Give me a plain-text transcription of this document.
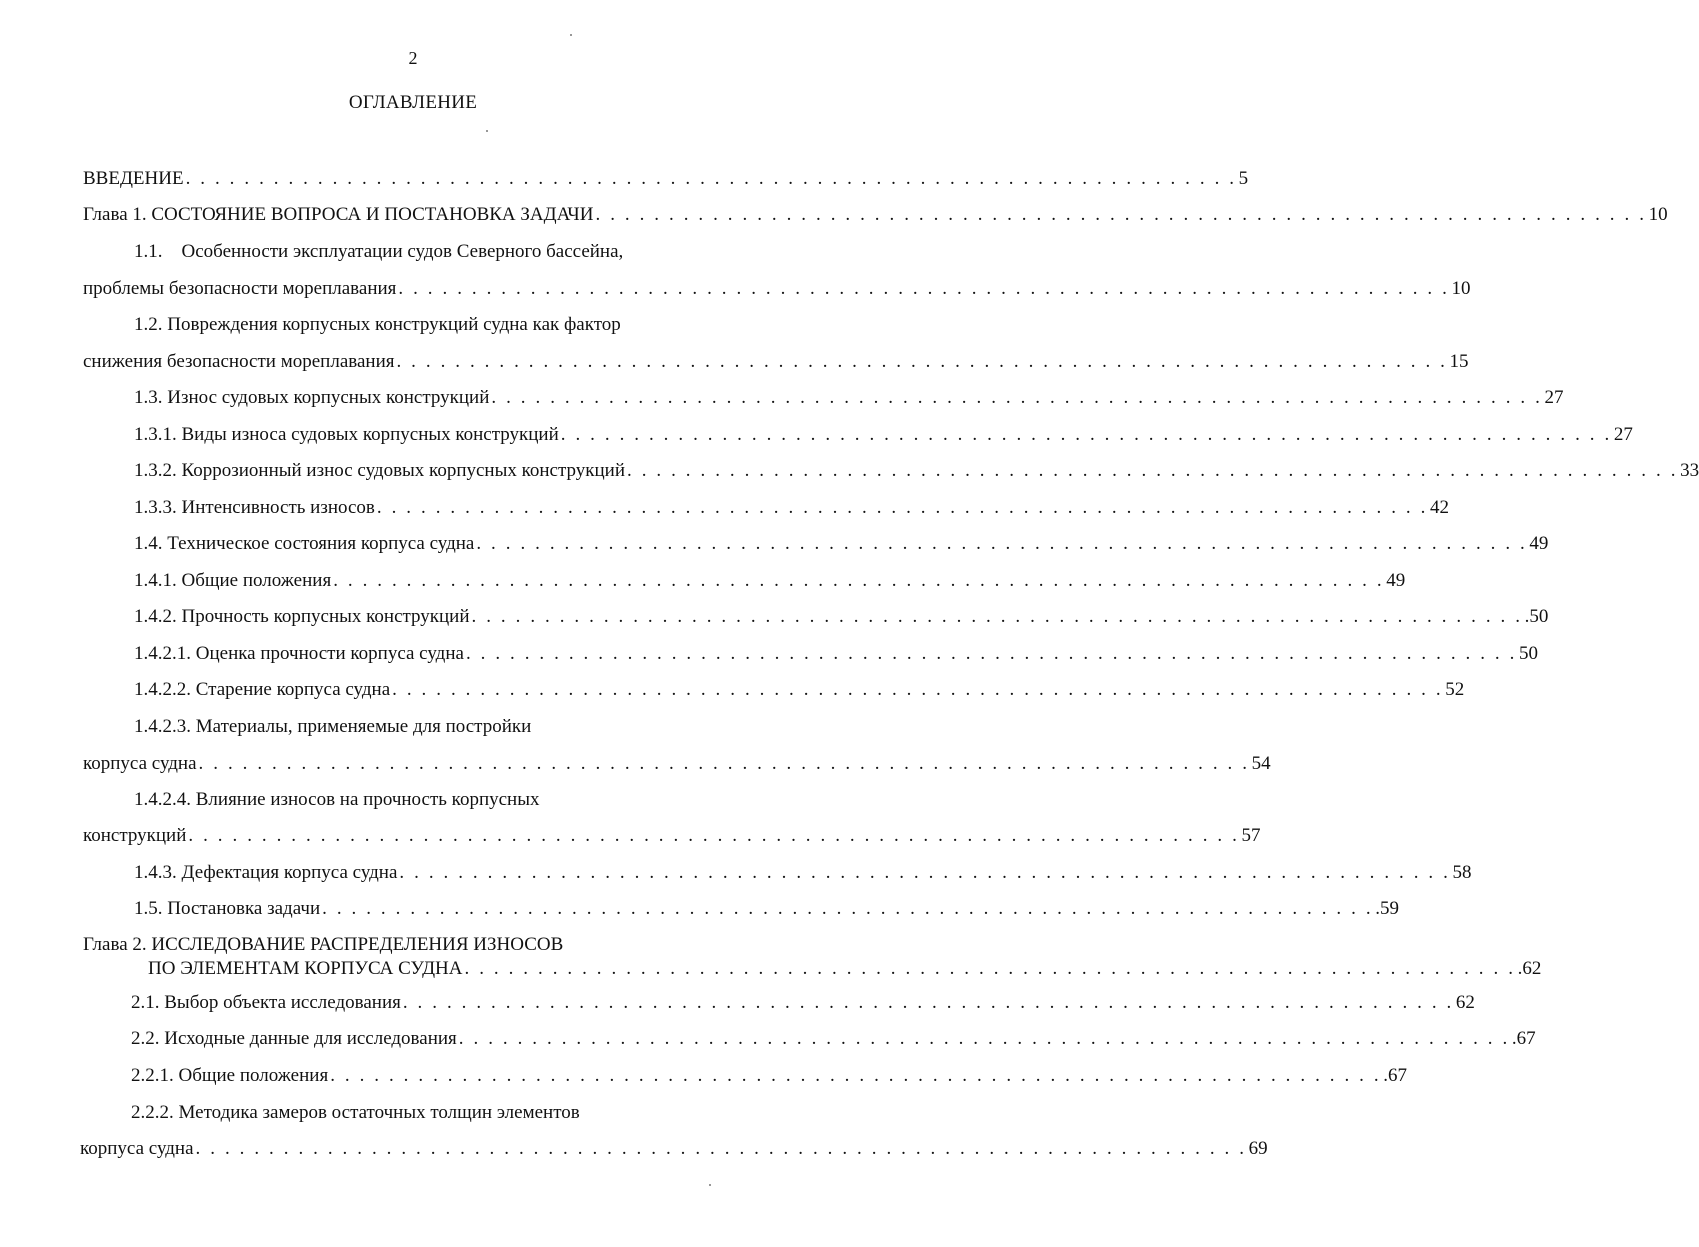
2
ОГЛАВЛЕНИЕ
ВВЕДЕНИЕ . . . . . . . . . . . . . . . . . . . . . . . . . . . . . . . . . . . . . . . . . . . . . . . . . . . . . . . . . . . . . . . . . . . . . . . . 5
Глава 1. СОСТОЯНИЕ ВОПРОСА И ПОСТАНОВКА ЗАДАЧИ . . . . . . . . . . . . . . . . . . . . . . . . . . . . . . . . . . . . . . . . . . . . . . . . . . . . . . . . . . . . . . . . . . . . . . . . 10
1.1.    Особенности эксплуатации судов Северного бассейна,
проблемы безопасности мореплавания . . . . . . . . . . . . . . . . . . . . . . . . . . . . . . . . . . . . . . . . . . . . . . . . . . . . . . . . . . . . . . . . . . . . . . . . 10
1.2. Повреждения корпусных конструкций судна как фактор
снижения безопасности мореплавания . . . . . . . . . . . . . . . . . . . . . . . . . . . . . . . . . . . . . . . . . . . . . . . . . . . . . . . . . . . . . . . . . . . . . . . . 15
1.3. Износ судовых корпусных конструкций . . . . . . . . . . . . . . . . . . . . . . . . . . . . . . . . . . . . . . . . . . . . . . . . . . . . . . . . . . . . . . . . . . . . . . . . 27
1.3.1. Виды износа судовых корпусных конструкций . . . . . . . . . . . . . . . . . . . . . . . . . . . . . . . . . . . . . . . . . . . . . . . . . . . . . . . . . . . . . . . . . . . . . . . . 27
1.3.2. Коррозионный износ судовых корпусных конструкций . . . . . . . . . . . . . . . . . . . . . . . . . . . . . . . . . . . . . . . . . . . . . . . . . . . . . . . . . . . . . . . . . . . . . . . . 33
1.3.3. Интенсивность износов . . . . . . . . . . . . . . . . . . . . . . . . . . . . . . . . . . . . . . . . . . . . . . . . . . . . . . . . . . . . . . . . . . . . . . . . 42
1.4. Техническое состояния корпуса судна . . . . . . . . . . . . . . . . . . . . . . . . . . . . . . . . . . . . . . . . . . . . . . . . . . . . . . . . . . . . . . . . . . . . . . . . 49
1.4.1. Общие положения . . . . . . . . . . . . . . . . . . . . . . . . . . . . . . . . . . . . . . . . . . . . . . . . . . . . . . . . . . . . . . . . . . . . . . . . 49
1.4.2. Прочность корпусных конструкций . . . . . . . . . . . . . . . . . . . . . . . . . . . . . . . . . . . . . . . . . . . . . . . . . . . . . . . . . . . . . . . . . . . . . . . . .50
1.4.2.1. Оценка прочности корпуса судна . . . . . . . . . . . . . . . . . . . . . . . . . . . . . . . . . . . . . . . . . . . . . . . . . . . . . . . . . . . . . . . . . . . . . . . . 50
1.4.2.2. Старение корпуса судна . . . . . . . . . . . . . . . . . . . . . . . . . . . . . . . . . . . . . . . . . . . . . . . . . . . . . . . . . . . . . . . . . . . . . . . . 52
1.4.2.3. Материалы, применяемые для постройки
корпуса судна . . . . . . . . . . . . . . . . . . . . . . . . . . . . . . . . . . . . . . . . . . . . . . . . . . . . . . . . . . . . . . . . . . . . . . . . 54
1.4.2.4. Влияние износов на прочность корпусных
конструкций . . . . . . . . . . . . . . . . . . . . . . . . . . . . . . . . . . . . . . . . . . . . . . . . . . . . . . . . . . . . . . . . . . . . . . . . 57
1.4.3. Дефектация корпуса судна . . . . . . . . . . . . . . . . . . . . . . . . . . . . . . . . . . . . . . . . . . . . . . . . . . . . . . . . . . . . . . . . . . . . . . . . 58
1.5. Постановка задачи . . . . . . . . . . . . . . . . . . . . . . . . . . . . . . . . . . . . . . . . . . . . . . . . . . . . . . . . . . . . . . . . . . . . . . . . .59
Глава 2. ИССЛЕДОВАНИЕ РАСПРЕДЕЛЕНИЯ ИЗНОСОВ
ПО ЭЛЕМЕНТАМ КОРПУСА СУДНА . . . . . . . . . . . . . . . . . . . . . . . . . . . . . . . . . . . . . . . . . . . . . . . . . . . . . . . . . . . . . . . . . . . . . . . . .62
2.1. Выбор объекта исследования . . . . . . . . . . . . . . . . . . . . . . . . . . . . . . . . . . . . . . . . . . . . . . . . . . . . . . . . . . . . . . . . . . . . . . . . 62
2.2. Исходные данные для исследования . . . . . . . . . . . . . . . . . . . . . . . . . . . . . . . . . . . . . . . . . . . . . . . . . . . . . . . . . . . . . . . . . . . . . . . . .67
2.2.1. Общие положения . . . . . . . . . . . . . . . . . . . . . . . . . . . . . . . . . . . . . . . . . . . . . . . . . . . . . . . . . . . . . . . . . . . . . . . . .67
2.2.2. Методика замеров остаточных толщин элементов
корпуса судна . . . . . . . . . . . . . . . . . . . . . . . . . . . . . . . . . . . . . . . . . . . . . . . . . . . . . . . . . . . . . . . . . . . . . . . . 69
